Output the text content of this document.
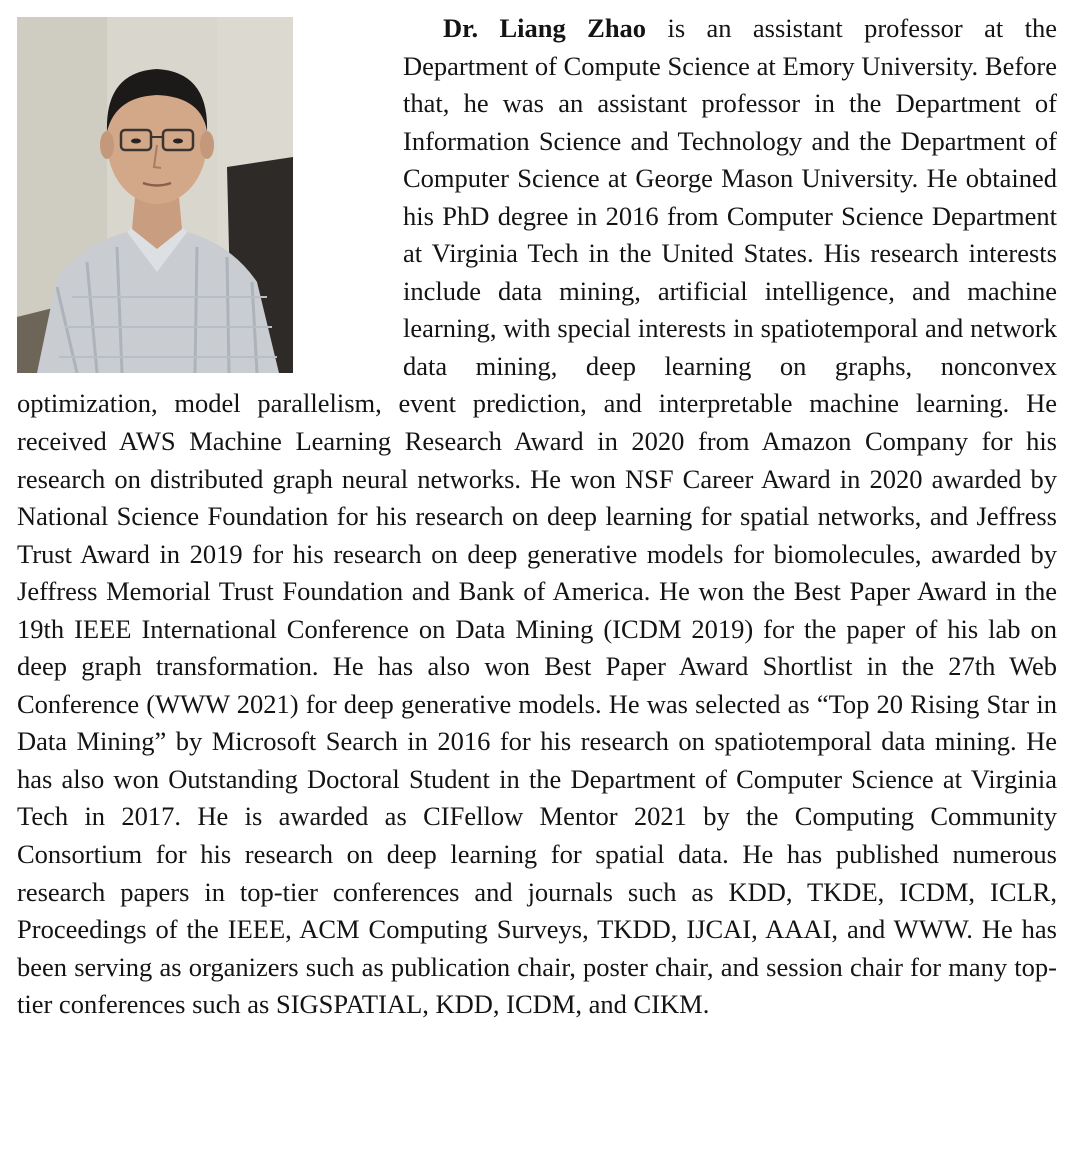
Dr. Liang Zhao is an assistant professor at the Department of Compute Science at Emory University. Before that, he was an assistant professor in the Department of Information Science and Technology and the Department of Computer Science at George Mason University. He obtained his PhD degree in 2016 from Computer Science Department at Virginia Tech in the United States. His research interests include data mining, artificial intelligence, and machine learning, with special interests in spatiotemporal and network data mining, deep learning on graphs, nonconvex optimization, model parallelism, event prediction, and interpretable machine learning. He received AWS Machine Learning Research Award in 2020 from Amazon Company for his research on distributed graph neural networks. He won NSF Career Award in 2020 awarded by National Science Foundation for his research on deep learning for spatial networks, and Jeffress Trust Award in 2019 for his research on deep generative models for biomolecules, awarded by Jeffress Memorial Trust Foundation and Bank of America. He won the Best Paper Award in the 19th IEEE International Conference on Data Mining (ICDM 2019) for the paper of his lab on deep graph transformation. He has also won Best Paper Award Shortlist in the 27th Web Conference (WWW 2021) for deep generative models. He was selected as “Top 20 Rising Star in Data Mining” by Microsoft Search in 2016 for his research on spatiotemporal data mining. He has also won Outstanding Doctoral Student in the Department of Computer Science at Virginia Tech in 2017. He is awarded as CIFellow Mentor 2021 by the Computing Community Consortium for his research on deep learning for spatial data. He has published numerous research papers in top-tier conferences and journals such as KDD, TKDE, ICDM, ICLR, Proceedings of the IEEE, ACM Computing Surveys, TKDD, IJCAI, AAAI, and WWW. He has been serving as organizers such as publication chair, poster chair, and session chair for many top-tier conferences such as SIGSPATIAL, KDD, ICDM, and CIKM.
